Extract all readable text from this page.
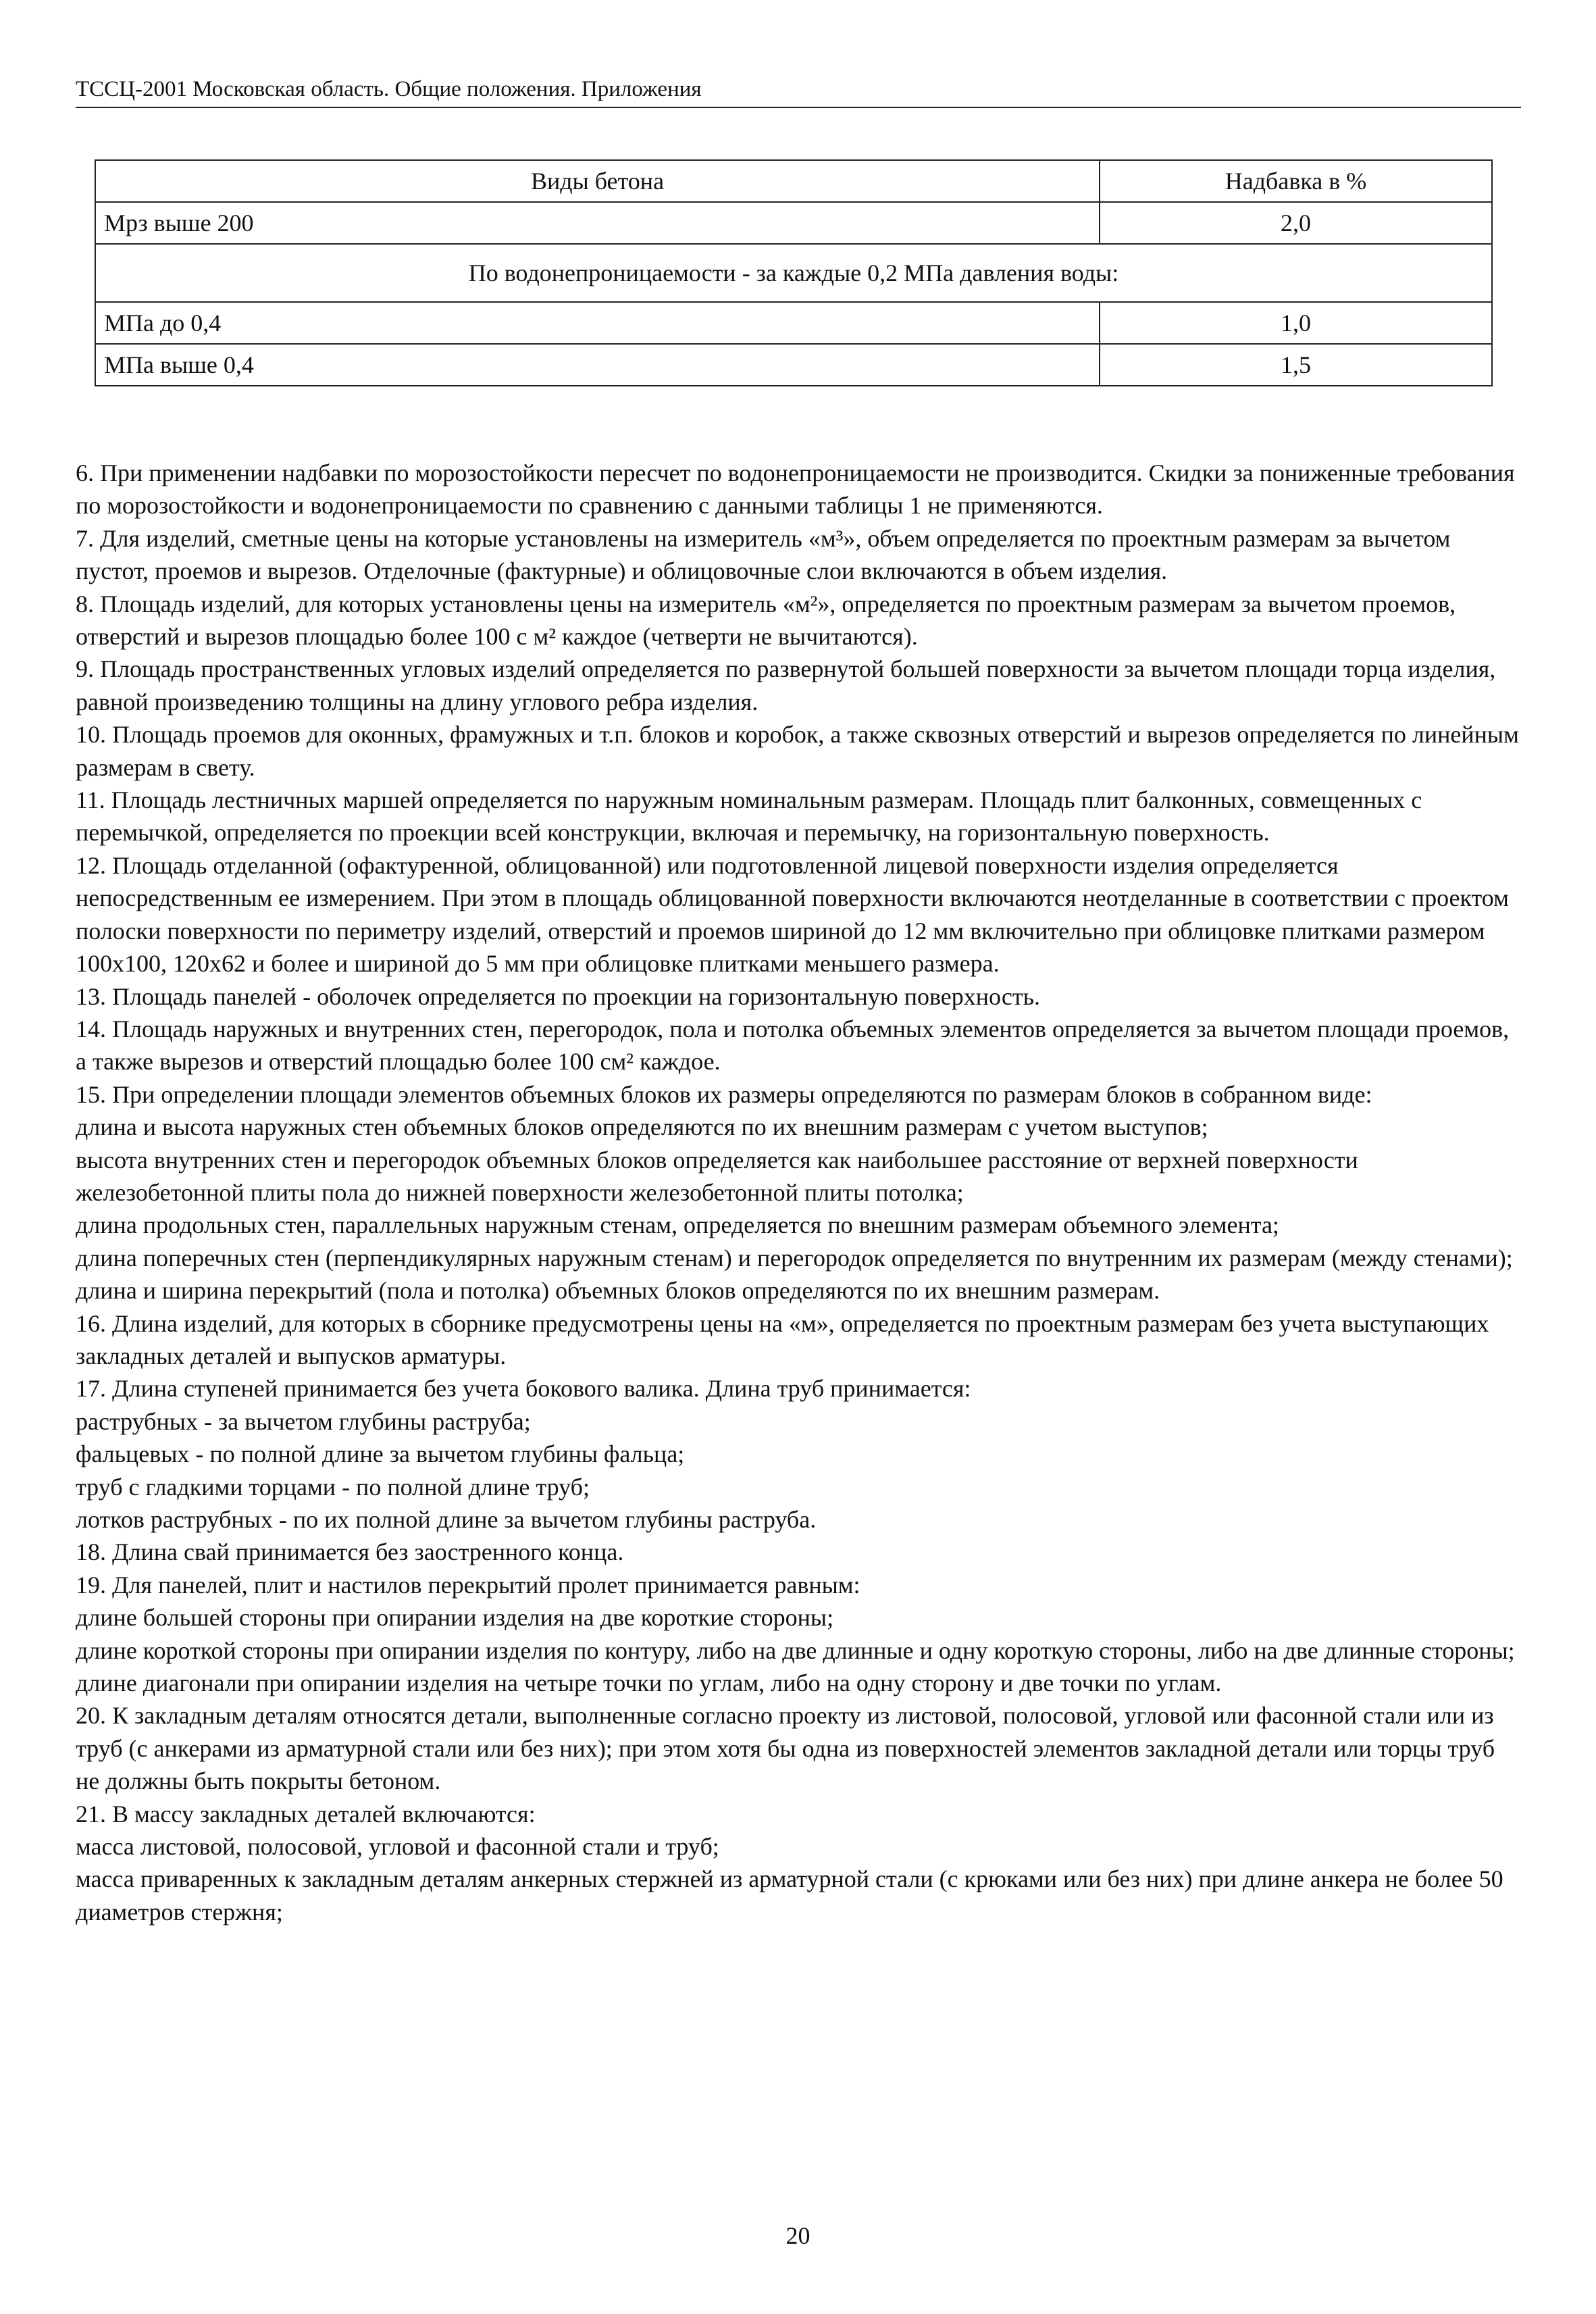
ТССЦ-2001 Московская область. Общие положения. Приложения
Виды бетона	Надбавка в %
Мрз выше 200	2,0
По водонепроницаемости - за каждые 0,2 МПа давления воды:	
МПа до 0,4	1,0
МПа выше 0,4	1,5

6. При применении надбавки по морозостойкости пересчет по водонепроницаемости не производится. Скидки за пониженные требования по морозостойкости и водонепроницаемости по сравнению с данными таблицы 1 не применяются.

7. Для изделий, сметные цены на которые установлены на измеритель «м³», объем определяется по проектным размерам за вычетом пустот, проемов и вырезов. Отделочные (фактурные) и облицовочные слои включаются в объем изделия.

8. Площадь изделий, для которых установлены цены на измеритель «м²», определяется по проектным размерам за вычетом проемов, отверстий и вырезов площадью более 100 с м² каждое (четверти не вычитаются).

9. Площадь пространственных угловых изделий определяется по развернутой большей поверхности за вычетом площади торца изделия, равной произведению толщины на длину углового ребра изделия.

10. Площадь проемов для оконных, фрамужных и т.п. блоков и коробок, а также сквозных отверстий и вырезов определяется по линейным размерам в свету.

11. Площадь лестничных маршей определяется по наружным номинальным размерам. Площадь плит балконных, совмещенных с перемычкой, определяется по проекции всей конструкции, включая и перемычку, на горизонтальную поверхность.

12. Площадь отделанной (офактуренной, облицованной) или подготовленной лицевой поверхности изделия определяется непосредственным ее измерением. При этом в площадь облицованной поверхности включаются неотделанные в соответствии с проектом полоски поверхности по периметру изделий, отверстий и проемов шириной до 12 мм включительно при облицовке плитками размером 100x100, 120x62 и более и шириной до 5 мм при облицовке плитками меньшего размера.

13. Площадь панелей - оболочек определяется по проекции на горизонтальную поверхность.

14. Площадь наружных и внутренних стен, перегородок, пола и потолка объемных элементов определяется за вычетом площади проемов, а также вырезов и отверстий площадью более 100 см² каждое.

15. При определении площади элементов объемных блоков их размеры определяются по размерам блоков в собранном виде:

длина и высота наружных стен объемных блоков определяются по их внешним размерам с учетом выступов;

высота внутренних стен и перегородок объемных блоков определяется как наибольшее расстояние от верхней поверхности железобетонной плиты пола до нижней поверхности железобетонной плиты потолка;

длина продольных стен, параллельных наружным стенам, определяется по внешним размерам объемного элемента;

длина поперечных стен (перпендикулярных наружным стенам) и перегородок определяется по внутренним их размерам (между стенами);

длина и ширина перекрытий (пола и потолка) объемных блоков определяются по их внешним размерам.

16. Длина изделий, для которых в сборнике предусмотрены цены на «м», определяется по проектным размерам без учета выступающих закладных деталей и выпусков арматуры.

17. Длина ступеней принимается без учета бокового валика. Длина труб принимается:

раструбных - за вычетом глубины раструба;

фальцевых - по полной длине за вычетом глубины фальца;

труб с гладкими торцами - по полной длине труб;

лотков раструбных - по их полной длине за вычетом глубины раструба.

18. Длина свай принимается без заостренного конца.

19. Для панелей, плит и настилов перекрытий пролет принимается равным:

длине большей стороны при опирании изделия на две короткие стороны;

длине короткой стороны при опирании изделия по контуру, либо на две длинные и одну короткую стороны, либо на две длинные стороны;

длине диагонали при опирании изделия на четыре точки по углам, либо на одну сторону и две точки по углам.

20. К закладным деталям относятся детали, выполненные согласно проекту из листовой, полосовой, угловой или фасонной стали или из труб (с анкерами из арматурной стали или без них); при этом хотя бы одна из поверхностей элементов закладной детали или торцы труб не должны быть покрыты бетоном.

21. В массу закладных деталей включаются:

масса листовой, полосовой, угловой и фасонной стали и труб;

масса приваренных к закладным деталям анкерных стержней из арматурной стали (с крюками или без них) при длине анкера не более 50 диаметров стержня;

20
